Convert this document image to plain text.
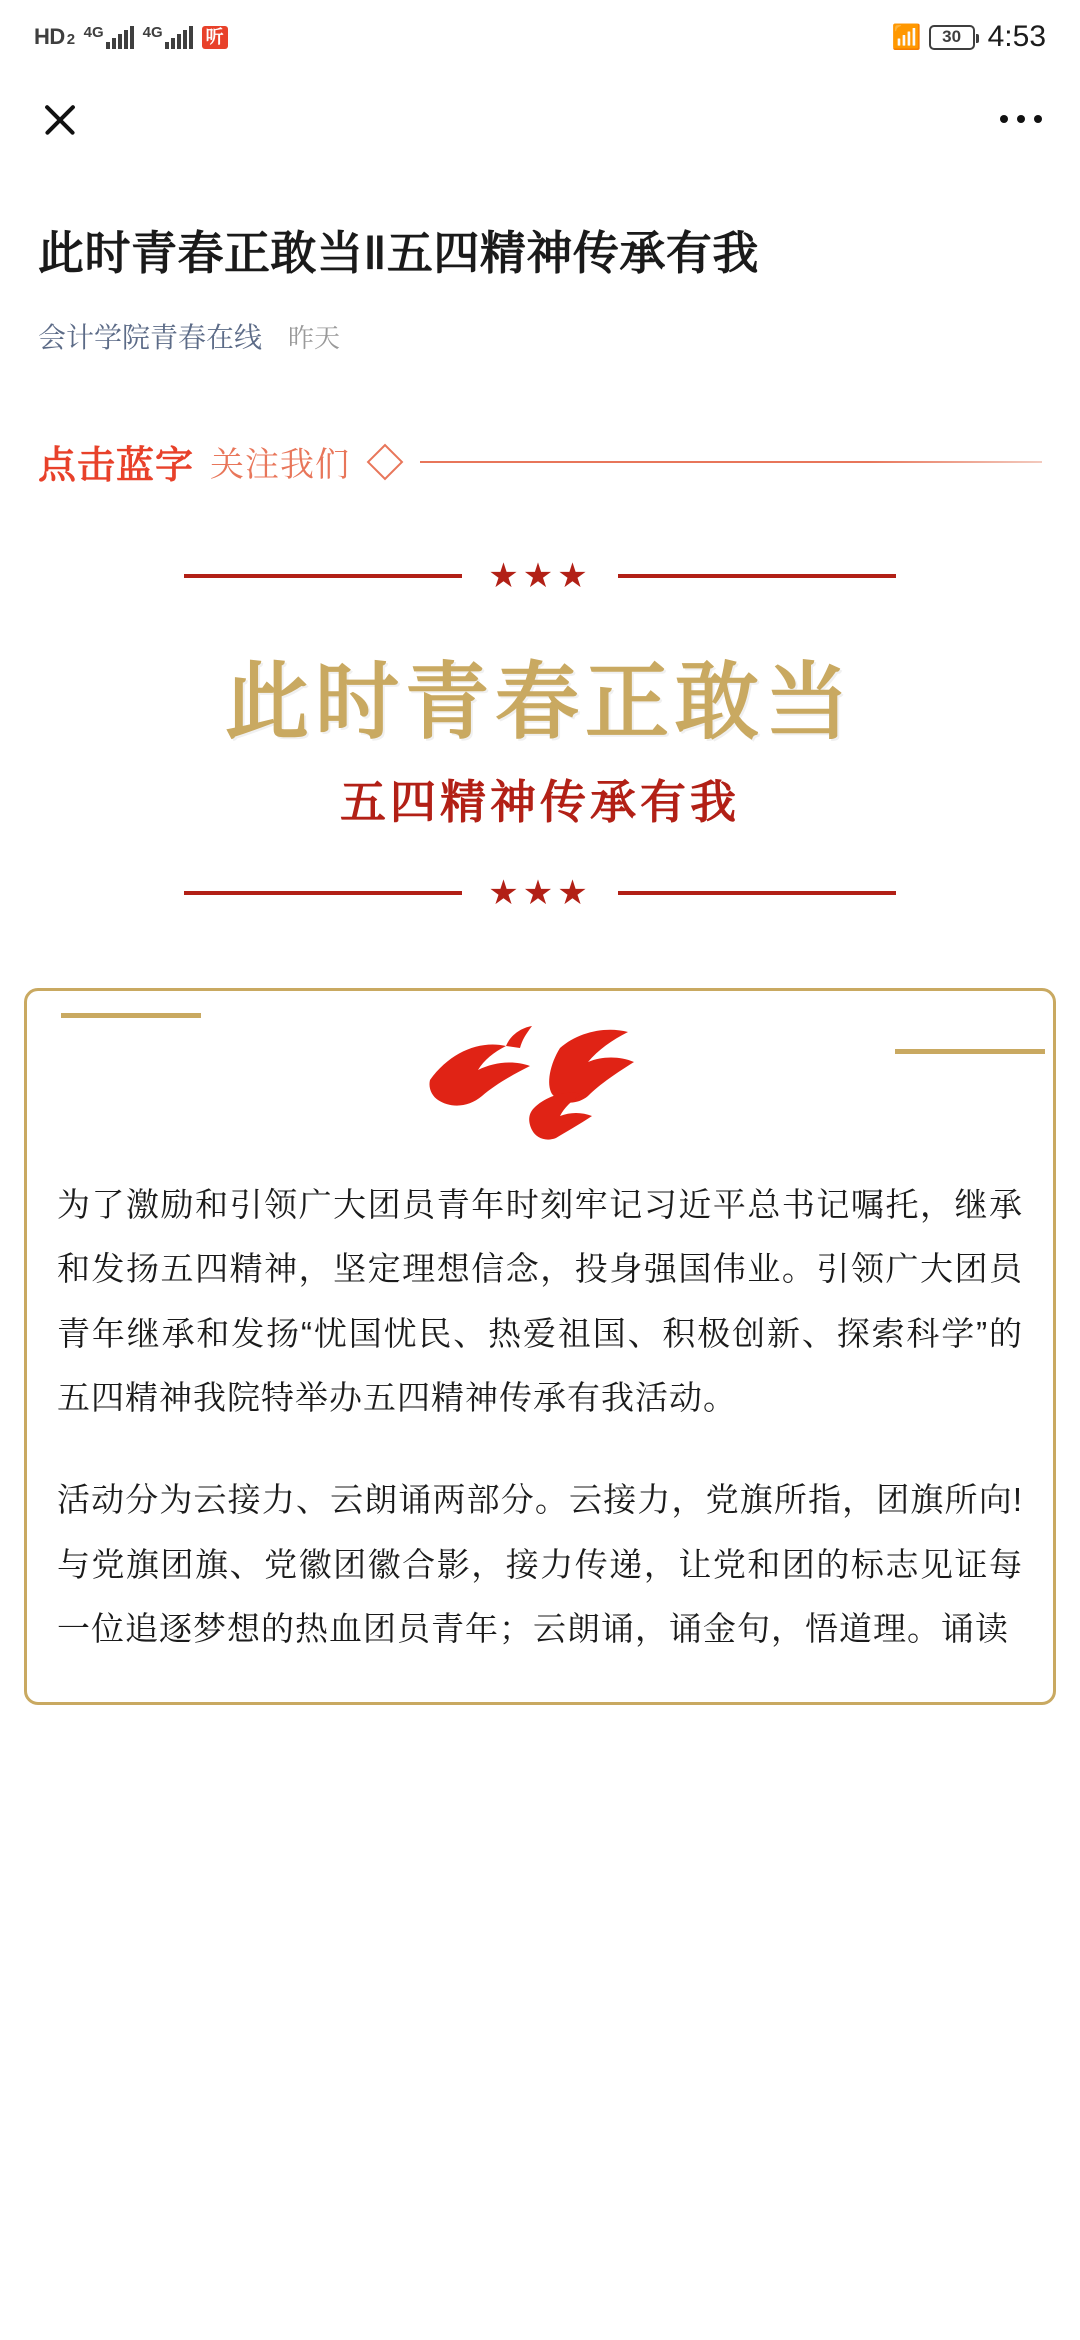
HD 2 4G	4G 听	📶 30 4:53
此时青春正敢当‖五四精神传承有我
会计学院青春在线 昨天
点击蓝字 关注我们
★★★
此时青春正敢当
五四精神传承有我
★★★

为了激励和引领广大团员青年时刻牢记习近平总书记嘱托，继承和发扬五四精神，坚定理想信念，投身强国伟业。引领广大团员青年继承和发扬“忧国忧民、热爱祖国、积极创新、探索科学”的五四精神我院特举办五四精神传承有我活动。

活动分为云接力、云朗诵两部分。云接力，党旗所指，团旗所向!与党旗团旗、党徽团徽合影，接力传递，让党和团的标志见证每一位追逐梦想的热血团员青年；云朗诵，诵金句，悟道理。诵读
